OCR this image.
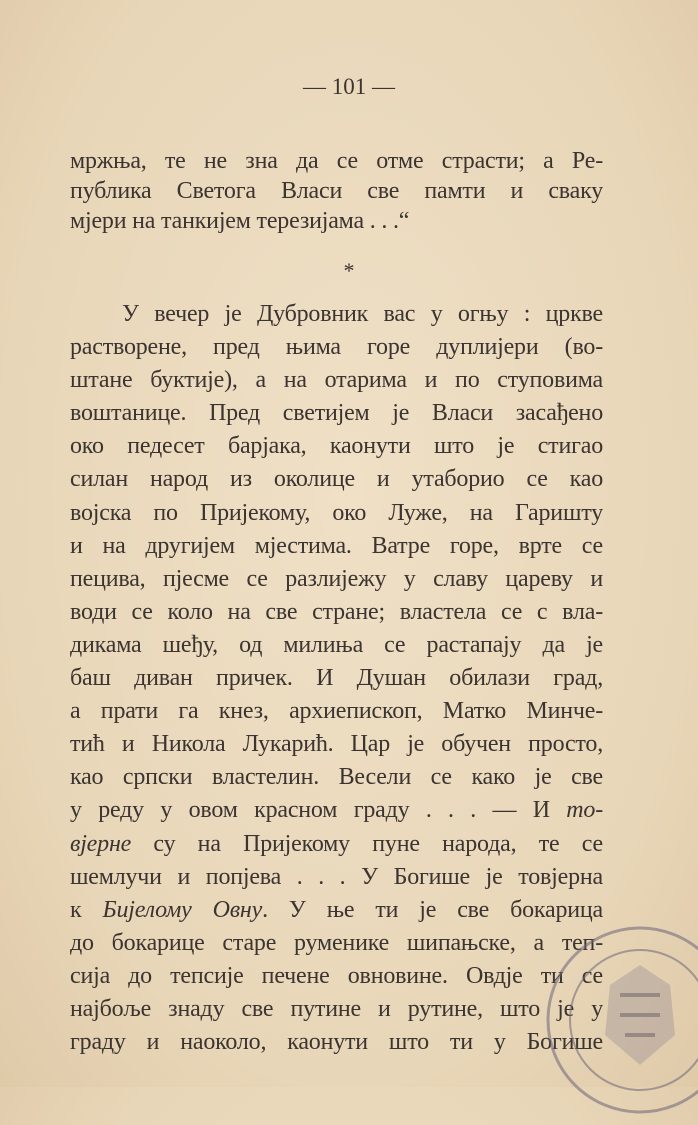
— 101 —
мржња, те не зна да се отме страсти; а Ре-
публика Светога Власи све памти и сваку
мјери на танкијем терезијама . . .“
*
У вечер је Дубровник вас у огњу : цркве
растворене, пред њима горе дуплијери (во-
штане буктије), а на отарима и по ступовима
воштанице. Пред светијем је Власи засађено
око педесет барјака, каонути што је стигао
силан народ из околице и утаборио се као
војска по Пријекому, око Луже, на Гаришту
и на другијем мјестима. Ватре горе, врте се
пецива, пјесме се разлијежу у славу цареву и
води се коло на све стране; властела се с вла-
дикама шеђу, од милиња се растапају да је
баш диван причек. И Душан обилази град,
а прати га кнез, архиепископ, Матко Минче-
тић и Никола Лукарић. Цар је обучен просто,
као српски властелин. Весели се како је све
у реду у овом красном граду . . . — И то-
вјерне су на Пријекому пуне народа, те се
шемлучи и попјева . . . У Богише је товјерна
к Бијелому Овну. У ње ти је све бокарица
до бокарице старе руменике шипањске, а теп-
сија до тепсије печене овновине. Овдје ти се
најбоље знаду све путине и рутине, што је у
граду и наоколо, каонути што ти у Богише
